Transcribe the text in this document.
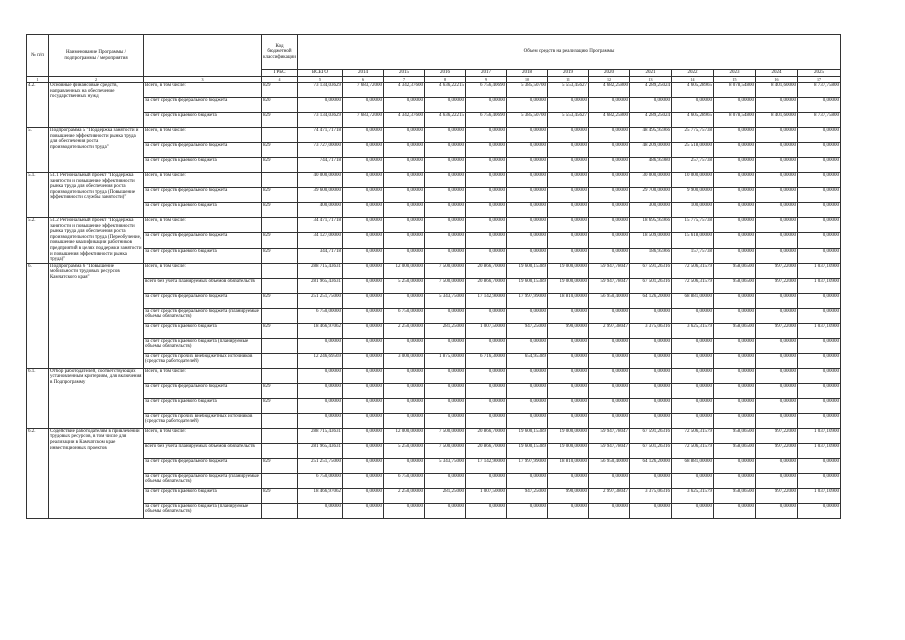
№ п/п	Наименование Программы / подпрограммы / мероприятия		Код бюджетной классификации	Объем средств на реализацию Программы												
			ГРБС	ВСЕГО	2014	2015	2016	2017	2018	2019	2020	2021	2022	2023	2024	2025
1	2	3	4	5	6	7	8	9	10	11	12	13	14	15	16	17
4.2.	Основные финансовые средств, направленных на обеспечение государственных нужд	Всего, в том числе:	829	73 134,03629	7 683,72000	4 342,37600	4 636,22215	6 756,40690	5 385,50700	5 553,45627	4 682,25800	4 289,25024	4 605,28965	8 078,54800	8 401,60000	8 737,75800
		за счет средств федерального бюджета	820	0,00000	0,00000	0,00000	0,00000	0,00000	0,00000	0,00000	0,00000	0,00000	0,00000	0,00000	0,00000	0,00000
		за счет средств краевого бюджета	829	73 134,03629	7 683,72000	4 342,37600	4 636,22215	6 756,40690	5 385,50700	5 553,45627	4 682,25800	4 289,25024	4 605,28965	8 078,54800	8 401,60000	8 737,75800
5.	Подпрограмма 5 "Поддержка занятости и повышение эффективности рынка труда для обеспечения роста производительности труда"	Всего, в том числе:		74 471,71718	0,00000	0,00000	0,00000	0,00000	0,00000	0,00000	0,00000	48 495,95966	25 775,75738	0,00000	0,00000	0,00000
		за счет средств федерального бюджета	829	73 727,00000	0,00000	0,00000	0,00000	0,00000	0,00000	0,00000	0,00000	48 209,00000	25 518,00000	0,00000	0,00000	0,00000
		за счет средств краевого бюджета	829	744,71718	0,00000	0,00000	0,00000	0,00000	0,00000	0,00000	0,00000	486,95980	257,75738	0,00000	0,00000	0,00000
5.1.	51.1 Региональный проект "Поддержка занятости и повышение эффективности рынка труда для обеспечения роста производительности труда (Повышение эффективности службы занятости)"	Всего, в том числе:		40 000,00000	0,00000	0,00000	0,00000	0,00000	0,00000	0,00000	0,00000	30 000,00000	10 000,00000	0,00000	0,00000	0,00000
		за счет средств федерального бюджета	829	39 600,00000	0,00000	0,00000	0,00000	0,00000	0,00000	0,00000	0,00000	29 700,00000	9 900,00000	0,00000	0,00000	0,00000
		за счет средств краевого бюджета	829	400,00000	0,00000	0,00000	0,00000	0,00000	0,00000	0,00000	0,00000	300,00000	100,00000	0,00000	0,00000	0,00000
5.2.	51.2 Региональный проект "Поддержка занятости и повышение эффективности рынка труда для обеспечения роста производительности труда (Переобучение, повышение квалификации работников предприятий в целях поддержки занятости и повышения эффективности рынка труда)"	Всего, в том числе:		34 471,71718	0,00000	0,00000	0,00000	0,00000	0,00000	0,00000	0,00000	18 695,95966	15 775,75738	0,00000	0,00000	0,00000
		за счет средств федерального бюджета	829	34 127,00000	0,00000	0,00000	0,00000	0,00000	0,00000	0,00000	0,00000	18 509,00000	15 618,00000	0,00000	0,00000	0,00000
		за счет средств краевого бюджета	829	344,71718	0,00000	0,00000	0,00000	0,00000	0,00000	0,00000	0,00000	186,95966	157,75738	0,00000	0,00000	0,00000
6.	Подпрограмма 6 "Повышение мобильности трудовых ресурсов Камчатского края"	Всего, в том числе:		288 715,43631	0,00000	12 000,00000	7 500,00000	20 866,70000	19 600,15389	19 000,00000	59 947,78047	67 591,26316	72 506,31579	958,06500	997,22000	1 037,10900
		всего без учета планируемых объемов обязательств		281 965,43631	0,00000	5 250,00000	7 500,00000	20 866,70000	19 600,15389	19 000,00000	59 947,78047	67 501,26316	72 506,31579	958,06500	997,22000	1 037,10900
		за счет средств федерального бюджета	829	251 251,75000	0,00000	0,00000	5 343,75000	17 142,90000	17 997,99000	18 810,00000	56 950,40000	64 126,20000	68 881,00000	0,00000	0,00000	0,00000
		за счет средств федерального бюджета (планируемые объемы обязательств)		6 750,00000	0,00000	6 750,00000	0,00000	0,00000	0,00000	0,00000	0,00000	0,00000	0,00000	0,00000	0,00000	0,00000
		за счет средств краевого бюджета	829	18 466,97062	0,00000	2 250,00000	281,25000	1 007,50000	947,25000	990,00000	2 997,38047	3 375,06316	3 625,31579	958,06500	997,22000	1 037,10900
		за счет средств краевого бюджета (планируемые объемы обязательств)		0,00000	0,00000	0,00000	0,00000	0,00000	0,00000	0,00000	0,00000	0,00000	0,00000	0,00000	0,00000	0,00000
		за счет средств прочих внебюджетных источников (средства работодателей)		12 246,69569	0,00000	3 000,00000	1 875,00000	6 716,30000	654,95389	0,00000	0,00000	0,00000	0,00000	0,00000	0,00000	0,00000
6.1.	Отбор работодателей, соответствующих установленным критериям, для включения в Подпрограмму	Всего, в том числе:		0,00000	0,00000	0,00000	0,00000	0,00000	0,00000	0,00000	0,00000	0,00000	0,00000	0,00000	0,00000	0,00000
		за счет средств федерального бюджета	829	0,00000	0,00000	0,00000	0,00000	0,00000	0,00000	0,00000	0,00000	0,00000	0,00000	0,00000	0,00000	0,00000
		за счет средств краевого бюджета	829	0,00000	0,00000	0,00000	0,00000	0,00000	0,00000	0,00000	0,00000	0,00000	0,00000	0,00000	0,00000	0,00000
		за счет средств прочих внебюджетных источников (средства работодателей)		0,00000	0,00000	0,00000	0,00000	0,00000	0,00000	0,00000	0,00000	0,00000	0,00000	0,00000	0,00000	0,00000
6.2.	Содействие работодателям в привлечении трудовых ресурсов, в том числе для реализации в Камчатском крае инвестиционных проектов	Всего, в том числе:		288 715,43631	0,00000	12 000,00000	7 500,00000	20 866,70000	19 600,15389	19 000,00000	59 947,78047	67 591,26316	72 506,31579	958,06500	997,22000	1 037,10900
		всего без учета планируемых объемов обязательств		281 965,43631	0,00000	5 250,00000	7 500,00000	20 866,70000	19 600,15389	19 000,00000	59 947,78047	67 501,26316	72 506,31579	958,06500	997,22000	1 037,10900
		за счет средств федерального бюджета	829	251 251,75000	0,00000	0,00000	5 343,75000	17 142,90000	17 997,99000	18 810,00000	56 950,40000	64 126,20000	68 881,00000	0,00000	0,00000	0,00000
		за счет средств федерального бюджета (планируемые объемы обязательств)		6 750,00000	0,00000	6 750,00000	0,00000	0,00000	0,00000	0,00000	0,00000	0,00000	0,00000	0,00000	0,00000	0,00000
		за счет средств краевого бюджета	829	18 466,97062	0,00000	2 250,00000	281,25000	1 007,50000	947,25000	990,00000	2 997,38047	3 375,06316	3 625,31579	958,06500	997,22000	1 037,10900
		за счет средств краевого бюджета (планируемые объемы обязательств)		0,00000	0,00000	0,00000	0,00000	0,00000	0,00000	0,00000	0,00000	0,00000	0,00000	0,00000	0,00000	0,00000
